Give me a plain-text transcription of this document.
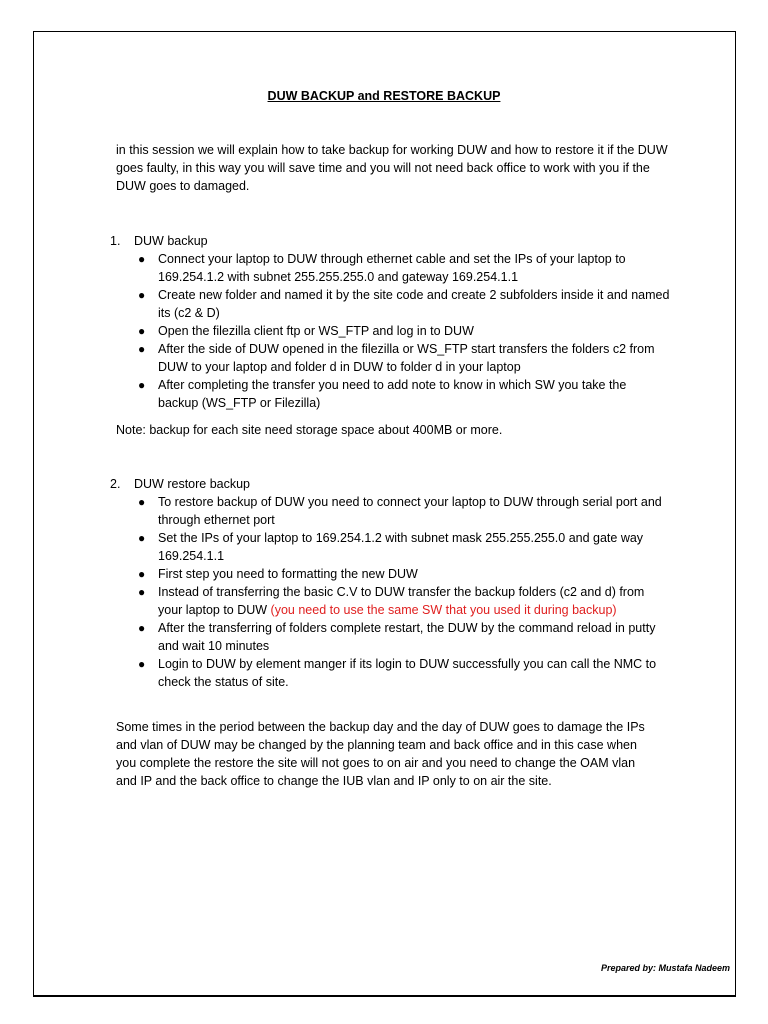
DUW BACKUP and RESTORE BACKUP
in this session we will explain how to take backup for working DUW and how to restore it if the DUW goes faulty, in this way you will save time and you will not need back office to work with you if the DUW goes to damaged.
1.	DUW backup
● Connect your laptop to DUW through ethernet cable and set the IPs of your laptop to 169.254.1.2 with subnet 255.255.255.0 and gateway 169.254.1.1
● Create new folder and named it by the site code and create 2 subfolders inside it and named its (c2 & D)
● Open the filezilla client ftp or WS_FTP and log in to DUW
● After the side of DUW opened in the filezilla or WS_FTP start transfers the folders c2 from DUW to your laptop and folder d in DUW to folder d in your laptop
● After completing the transfer you need to add note to know in which SW you take the backup (WS_FTP or Filezilla)
Note: backup for each site need storage space about 400MB or more.
2.	DUW restore backup
● To restore backup of DUW you need to connect your laptop to DUW through serial port and through ethernet port
● Set the IPs of your laptop to 169.254.1.2 with subnet mask 255.255.255.0 and gate way 169.254.1.1
● First step you need to formatting the new DUW
● Instead of transferring the basic C.V to DUW transfer the backup folders (c2 and d) from your laptop to DUW (you need to use the same SW that you used it during backup)
● After the transferring of folders complete restart, the DUW by the command reload in putty and wait 10 minutes
● Login to DUW by element manger if its login to DUW successfully you can call the NMC to check the status of site.
Some times in the period between the backup day and the day of DUW goes to damage the IPs and vlan of DUW may be changed by the planning team and back office and in this case when you complete the restore the site will not goes to on air and you need to change the OAM vlan and IP and the back office to change the IUB vlan and IP only to on air the site.
Prepared by: Mustafa Nadeem
